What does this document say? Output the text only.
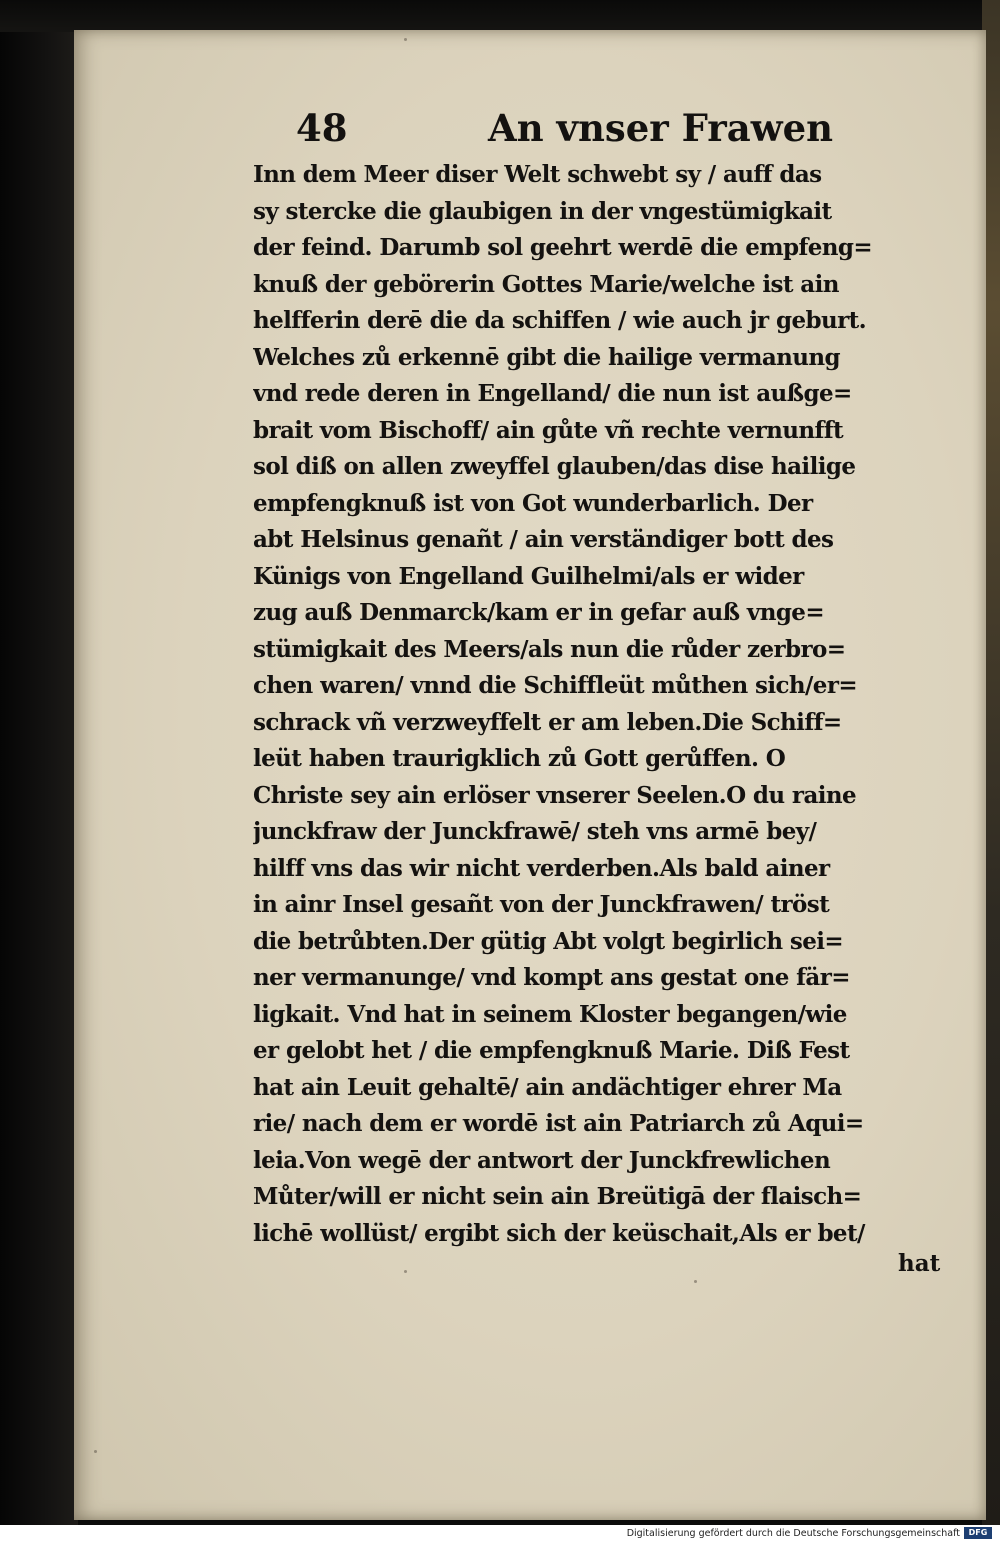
48	An vnser Frawen
Inn dem Meer diser Welt schwebt sy / auff das
sy stercke die glaubigen in der vngestümigkait
der feind. Darumb sol geehrt werdē die empfeng=
knuß der gebörerin Gottes Marie/welche ist ain
helfferin derē die da schiffen / wie auch jr geburt.
Welches zů erkennē gibt die hailige vermanung
vnd rede deren in Engelland/ die nun ist außge=
brait vom Bischoff/ ain gůte vñ rechte vernunfft
sol diß on allen zweyffel glauben/das dise hailige
empfengknuß ist von Got wunderbarlich. Der
abt Helsinus genañt / ain verständiger bott des
Künigs von Engelland Guilhelmi/als er wider
zug auß Denmarck/kam er in gefar auß vnge=
stümigkait des Meers/als nun die růder zerbro=
chen waren/ vnnd die Schiffleüt můthen sich/er=
schrack vñ verzweyffelt er am leben.Die Schiff=
leüt haben traurigklich zů Gott gerůffen. O
Christe sey ain erlöser vnserer Seelen.O du raine
junckfraw der Junckfrawē/ steh vns armē bey/
hilff vns das wir nicht verderben.Als bald ainer
in ainr Insel gesañt von der Junckfrawen/ tröst
die betrůbten.Der gütig Abt volgt begirlich sei=
ner vermanunge/ vnd kompt ans gestat one fär=
ligkait. Vnd hat in seinem Kloster begangen/wie
er gelobt het / die empfengknuß Marie. Diß Fest
hat ain Leuit gehaltē/ ain andächtiger ehrer Ma
rie/ nach dem er wordē ist ain Patriarch zů Aqui=
leia.Von wegē der antwort der Junckfrewlichen
Můter/will er nicht sein ain Breütigā der flaisch=
lichē wollüst/ ergibt sich der keüschait,Als er bet/
hat
Digitalisierung gefördert durch die Deutsche Forschungsgemeinschaft	DFG
